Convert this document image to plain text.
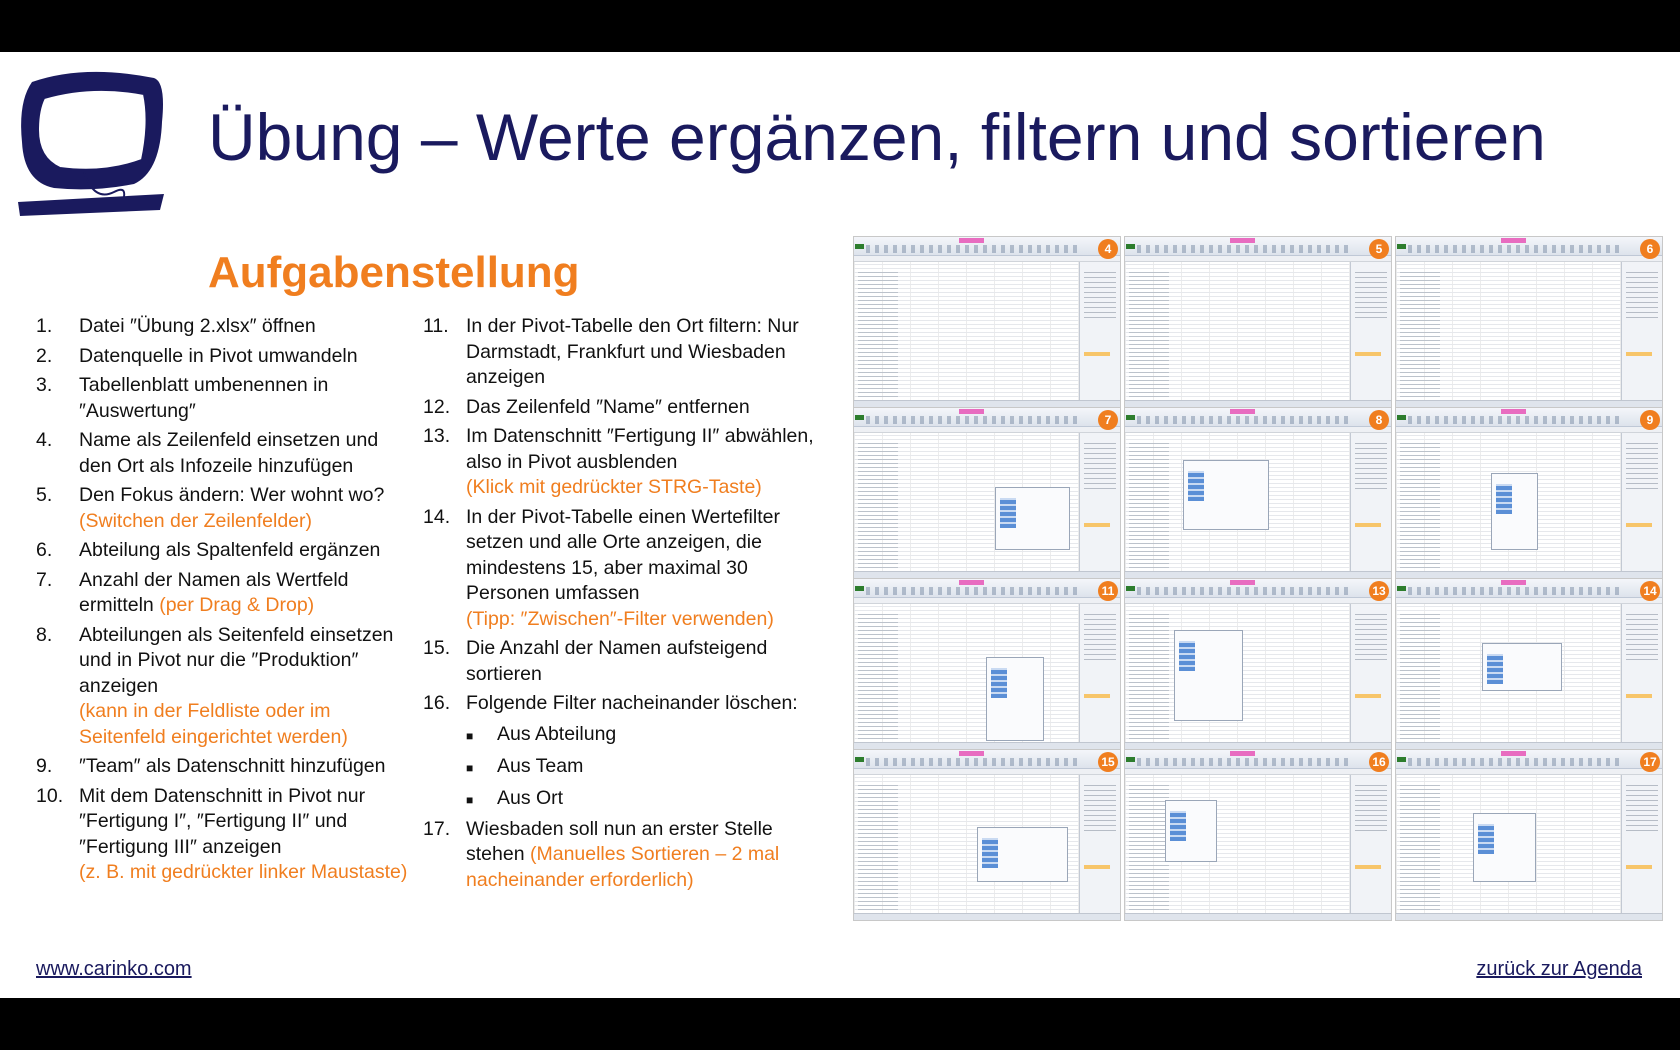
Übung – Werte ergänzen, filtern und sortieren
Aufgabenstellung
1.	Datei ″Übung 2.xlsx″ öffnen
2.	Datenquelle in Pivot umwandeln
3.	Tabellenblatt umbenennen in ″Auswertung″
4.	Name als Zeilenfeld einsetzen und den Ort als Infozeile hinzufügen
5.	Den Fokus ändern: Wer wohnt wo?
(Switchen der Zeilenfelder)
6.	Abteilung als Spaltenfeld ergänzen
7.	Anzahl der Namen als Wertfeld ermitteln (per Drag & Drop)
8.	Abteilungen als Seitenfeld einsetzen und in Pivot nur die ″Produktion″ anzeigen
(kann in der Feldliste oder im Seitenfeld eingerichtet werden)
9.	″Team″ als Datenschnitt hinzufügen
10. Mit dem Datenschnitt in Pivot nur ″Fertigung I″, ″Fertigung II″ und ″Fertigung III″ anzeigen
(z. B. mit gedrückter linker Maustaste)
11. In der Pivot-Tabelle den Ort filtern: Nur Darmstadt, Frankfurt und Wiesbaden anzeigen
12. Das Zeilenfeld ″Name″ entfernen
13. Im Datenschnitt ″Fertigung II″ abwählen, also in Pivot ausblenden
(Klick mit gedrückter STRG-Taste)
14. In der Pivot-Tabelle einen Wertefilter setzen und alle Orte anzeigen, die mindestens 15, aber maximal 30 Personen umfassen
(Tipp: ″Zwischen″-Filter verwenden)
15. Die Anzahl der Namen aufsteigend sortieren
16. Folgende Filter nacheinander löschen:
■	Aus Abteilung
■	Aus Team
■	Aus Ort
17. Wiesbaden soll nun an erster Stelle stehen (Manuelles Sortieren – 2 mal nacheinander erforderlich)
4	5	6
7	8	9
11	13	14
15	16	17
www.carinko.com	zurück zur Agenda
